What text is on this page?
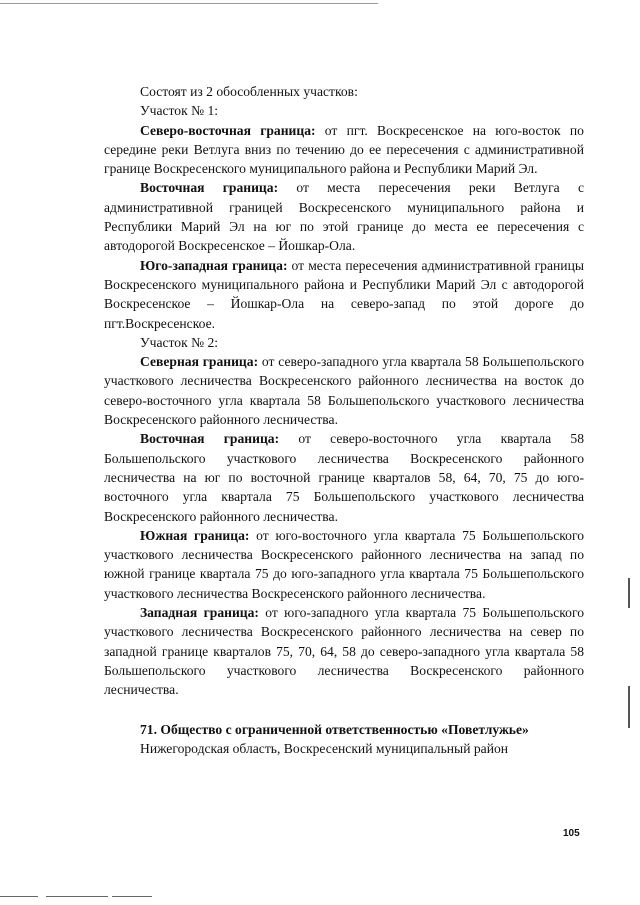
Состоят из 2 обособленных участков:

Участок № 1:

Северо-восточная граница: от пгт. Воскресенское на юго-восток по середине реки Ветлуга вниз по течению до ее пересечения с административной границе Воскресенского муниципального района и Республики Марий Эл.

Восточная граница: от места пересечения реки Ветлуга с административной границей Воскресенского муниципального района и Республики Марий Эл на юг по этой границе до места ее пересечения с автодорогой Воскресенское – Йошкар-Ола.

Юго-западная граница: от места пересечения административной границы Воскресенского муниципального района и Республики Марий Эл с автодорогой Воскресенское – Йошкар-Ола на северо-запад по этой дороге до пгт.Воскресенское.

Участок № 2:

Северная граница: от северо-западного угла квартала 58 Большепольского участкового лесничества Воскресенского районного лесничества на восток до северо-восточного угла квартала 58 Большепольского участкового лесничества Воскресенского районного лесничества.

Восточная граница: от северо-восточного угла квартала 58 Большепольского участкового лесничества Воскресенского районного лесничества на юг по восточной границе кварталов 58, 64, 70, 75 до юго-восточного угла квартала 75 Большепольского участкового лесничества Воскресенского районного лесничества.

Южная граница: от юго-восточного угла квартала 75 Большепольского участкового лесничества Воскресенского районного лесничества на запад по южной границе квартала 75 до юго-западного угла квартала 75 Большепольского участкового лесничества Воскресенского районного лесничества.

Западная граница: от юго-западного угла квартала 75 Большепольского участкового лесничества Воскресенского районного лесничества на север по западной границе кварталов 75, 70, 64, 58 до северо-западного угла квартала 58 Большепольского участкового лесничества Воскресенского районного лесничества.

71. Общество с ограниченной ответственностью «Поветлужье»

Нижегородская область, Воскресенский муниципальный район

105
